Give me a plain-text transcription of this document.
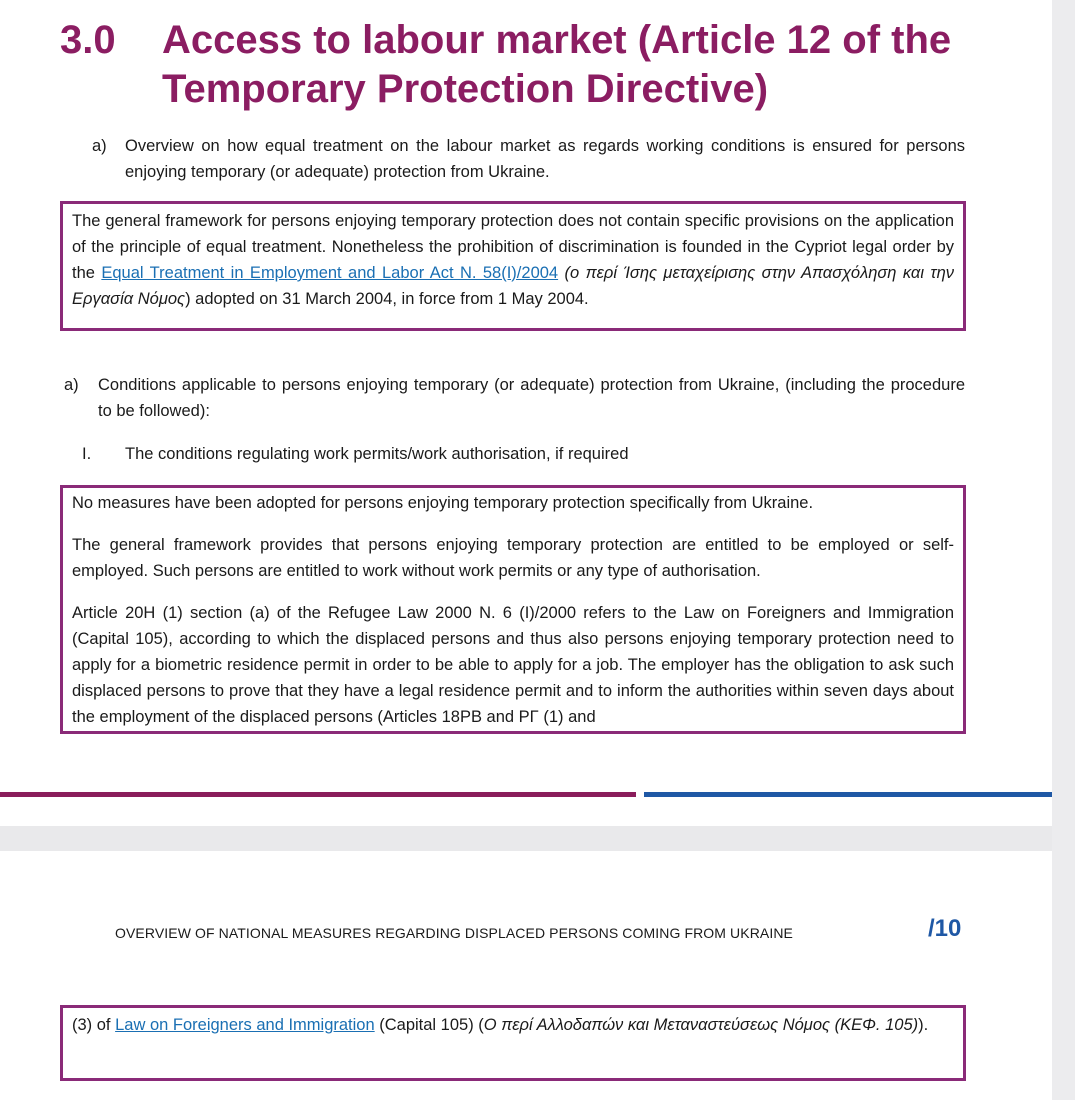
3.0 Access to labour market (Article 12 of the Temporary Protection Directive)
a) Overview on how equal treatment on the labour market as regards working conditions is ensured for persons enjoying temporary (or adequate) protection from Ukraine.

The general framework for persons enjoying temporary protection does not contain specific provisions on the application of the principle of equal treatment. Nonetheless the prohibition of discrimination is founded in the Cypriot legal order by the Equal Treatment in Employment and Labor Act N. 58(I)/2004 (ο περί Ίσης μεταχείρισης στην Απασχόληση και την Εργασία Νόμος) adopted on 31 March 2004, in force from 1 May 2004.

a) Conditions applicable to persons enjoying temporary (or adequate) protection from Ukraine, (including the procedure to be followed):
I. The conditions regulating work permits/work authorisation, if required

No measures have been adopted for persons enjoying temporary protection specifically from Ukraine.

The general framework provides that persons enjoying temporary protection are entitled to be employed or self-employed. Such persons are entitled to work without work permits or any type of authorisation.

Article 20H (1) section (a) of the Refugee Law 2000 N. 6 (I)/2000 refers to the Law on Foreigners and Immigration (Capital 105), according to which the displaced persons and thus also persons enjoying temporary protection need to apply for a biometric residence permit in order to be able to apply for a job. The employer has the obligation to ask such displaced persons to prove that they have a legal residence permit and to inform the authorities within seven days about the employment of the displaced persons (Articles 18PB and PΓ (1) and

OVERVIEW OF NATIONAL MEASURES REGARDING DISPLACED PERSONS COMING FROM UKRAINE	/10

(3) of Law on Foreigners and Immigration (Capital 105) (Ο περί Αλλοδαπών και Μεταναστεύσεως Νόμος (ΚΕΦ. 105)).
